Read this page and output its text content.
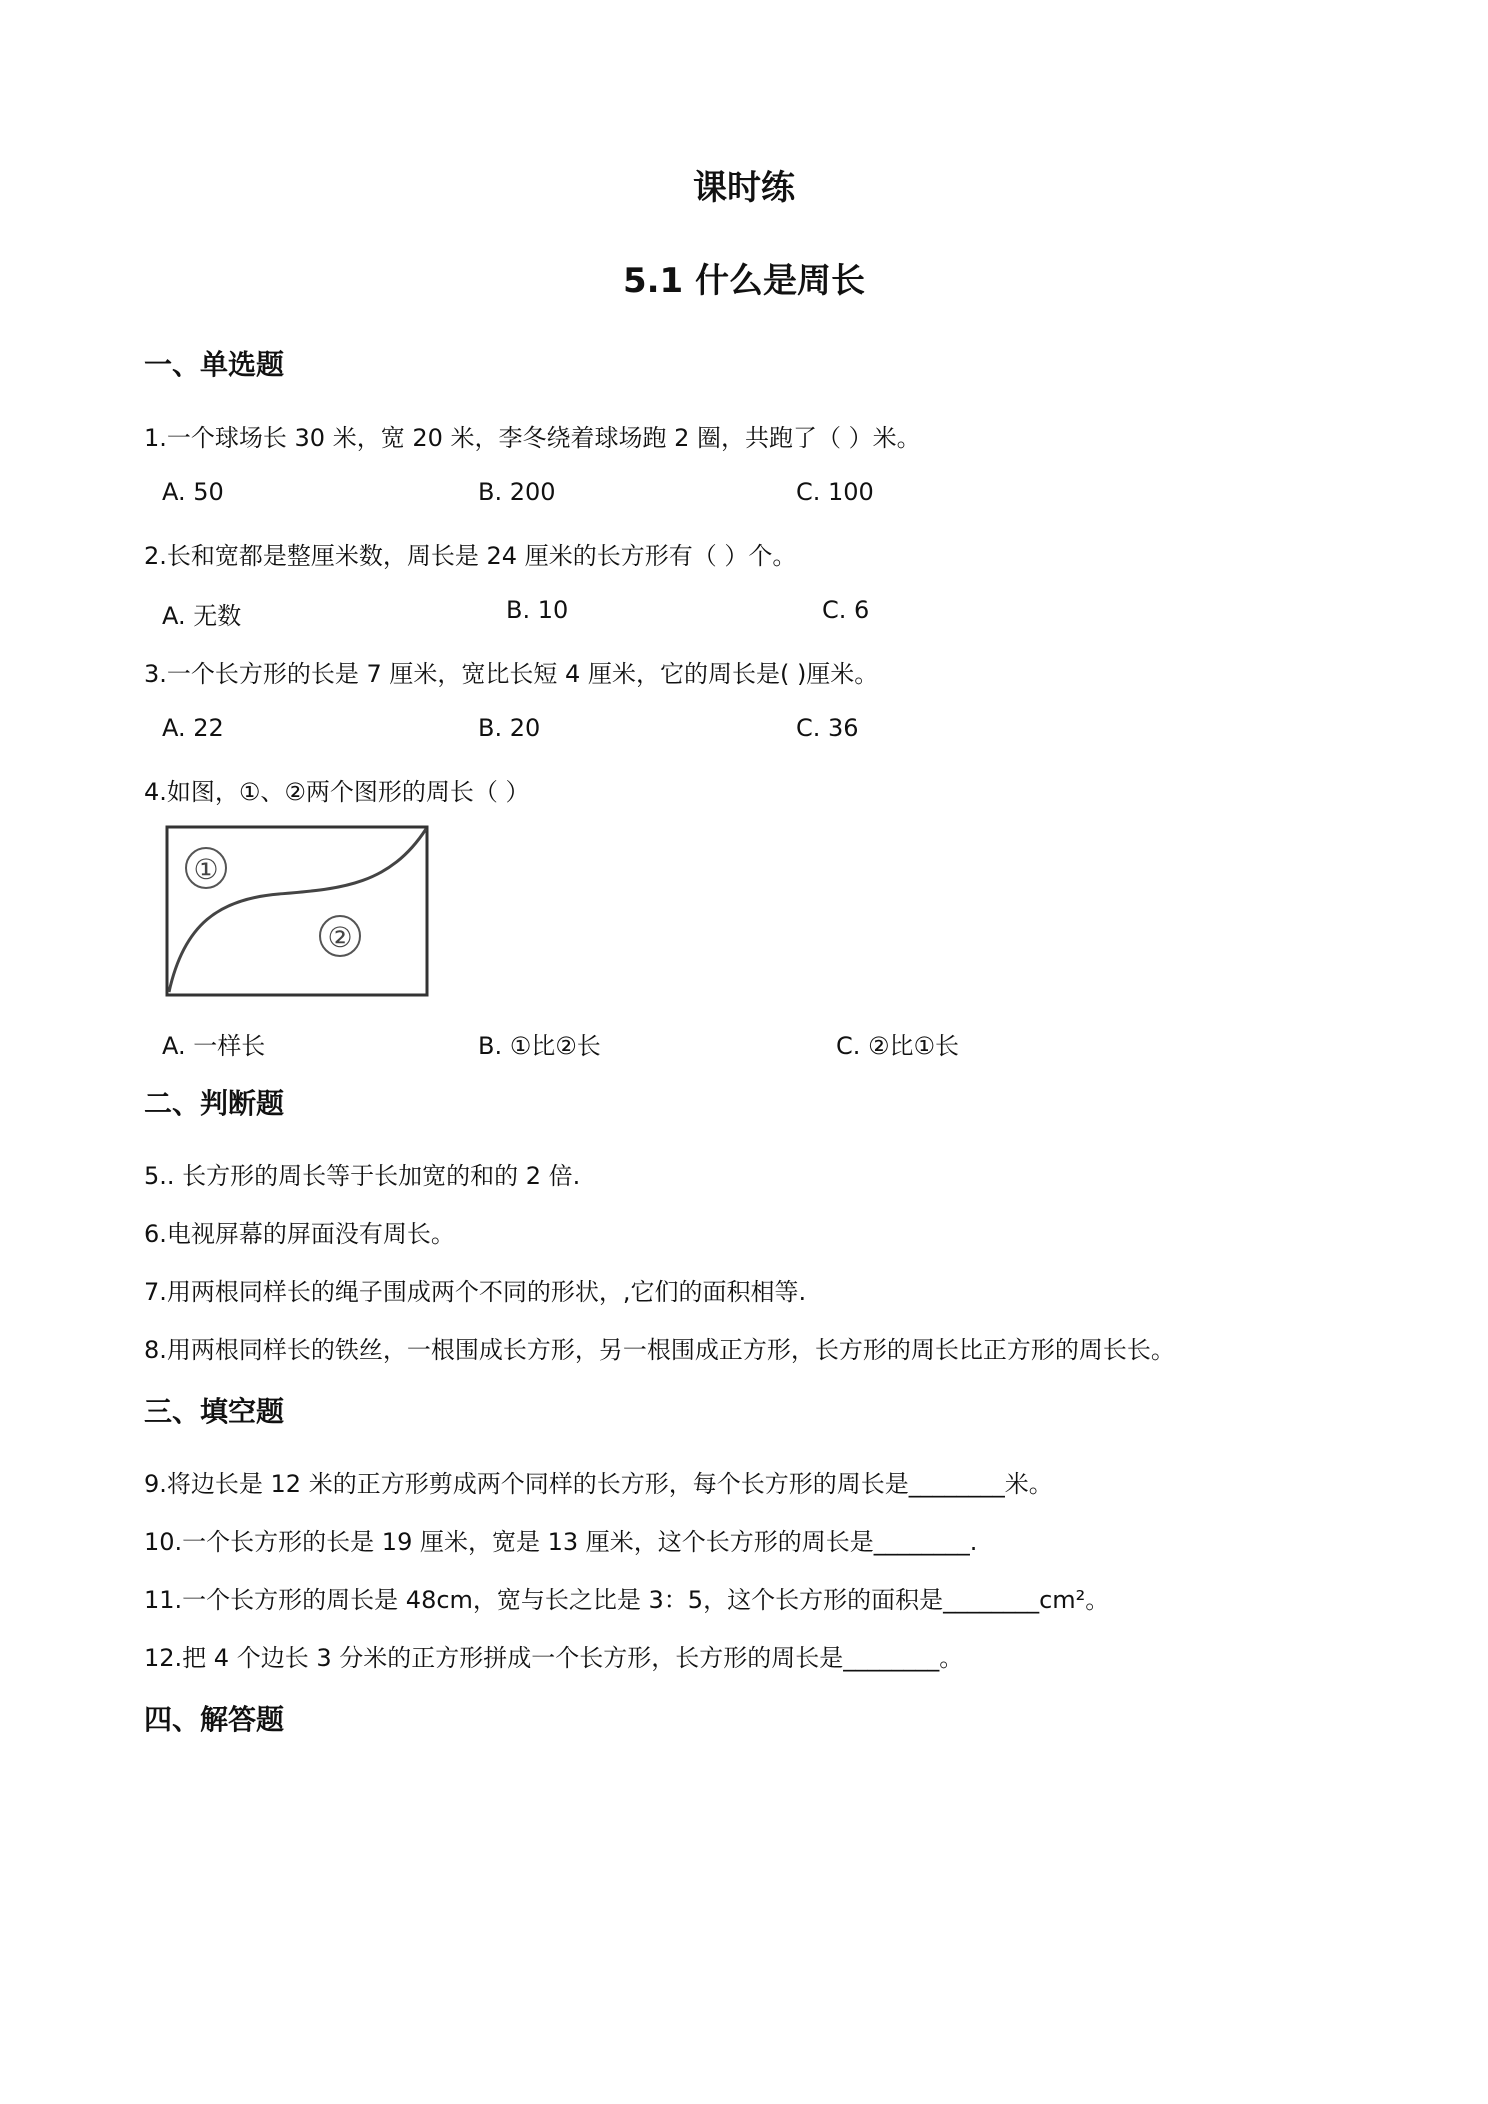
课时练
5.1 什么是周长
一、单选题
1.一个球场长 30 米，宽 20 米，李冬绕着球场跑 2 圈，共跑了（ ）米。
A. 50	B. 200	C. 100
2.长和宽都是整厘米数，周长是 24 厘米的长方形有（ ）个。
A. 无数	B. 10	C. 6
3.一个长方形的长是 7 厘米，宽比长短 4 厘米，它的周长是( )厘米。
A. 22	B. 20	C. 36
4.如图，①、②两个图形的周长（ ）
①
②
A. 一样长	B. ①比②长	C. ②比①长
二、判断题
5.. 长方形的周长等于长加宽的和的 2 倍.
6.电视屏幕的屏面没有周长。
7.用两根同样长的绳子围成两个不同的形状，,它们的面积相等.
8.用两根同样长的铁丝，一根围成长方形，另一根围成正方形，长方形的周长比正方形的周长长。
三、填空题
9.将边长是 12 米的正方形剪成两个同样的长方形，每个长方形的周长是________米。
10.一个长方形的长是 19 厘米，宽是 13 厘米，这个长方形的周长是________.
11.一个长方形的周长是 48cm，宽与长之比是 3：5，这个长方形的面积是________cm²。
12.把 4 个边长 3 分米的正方形拼成一个长方形，长方形的周长是________。
四、解答题
